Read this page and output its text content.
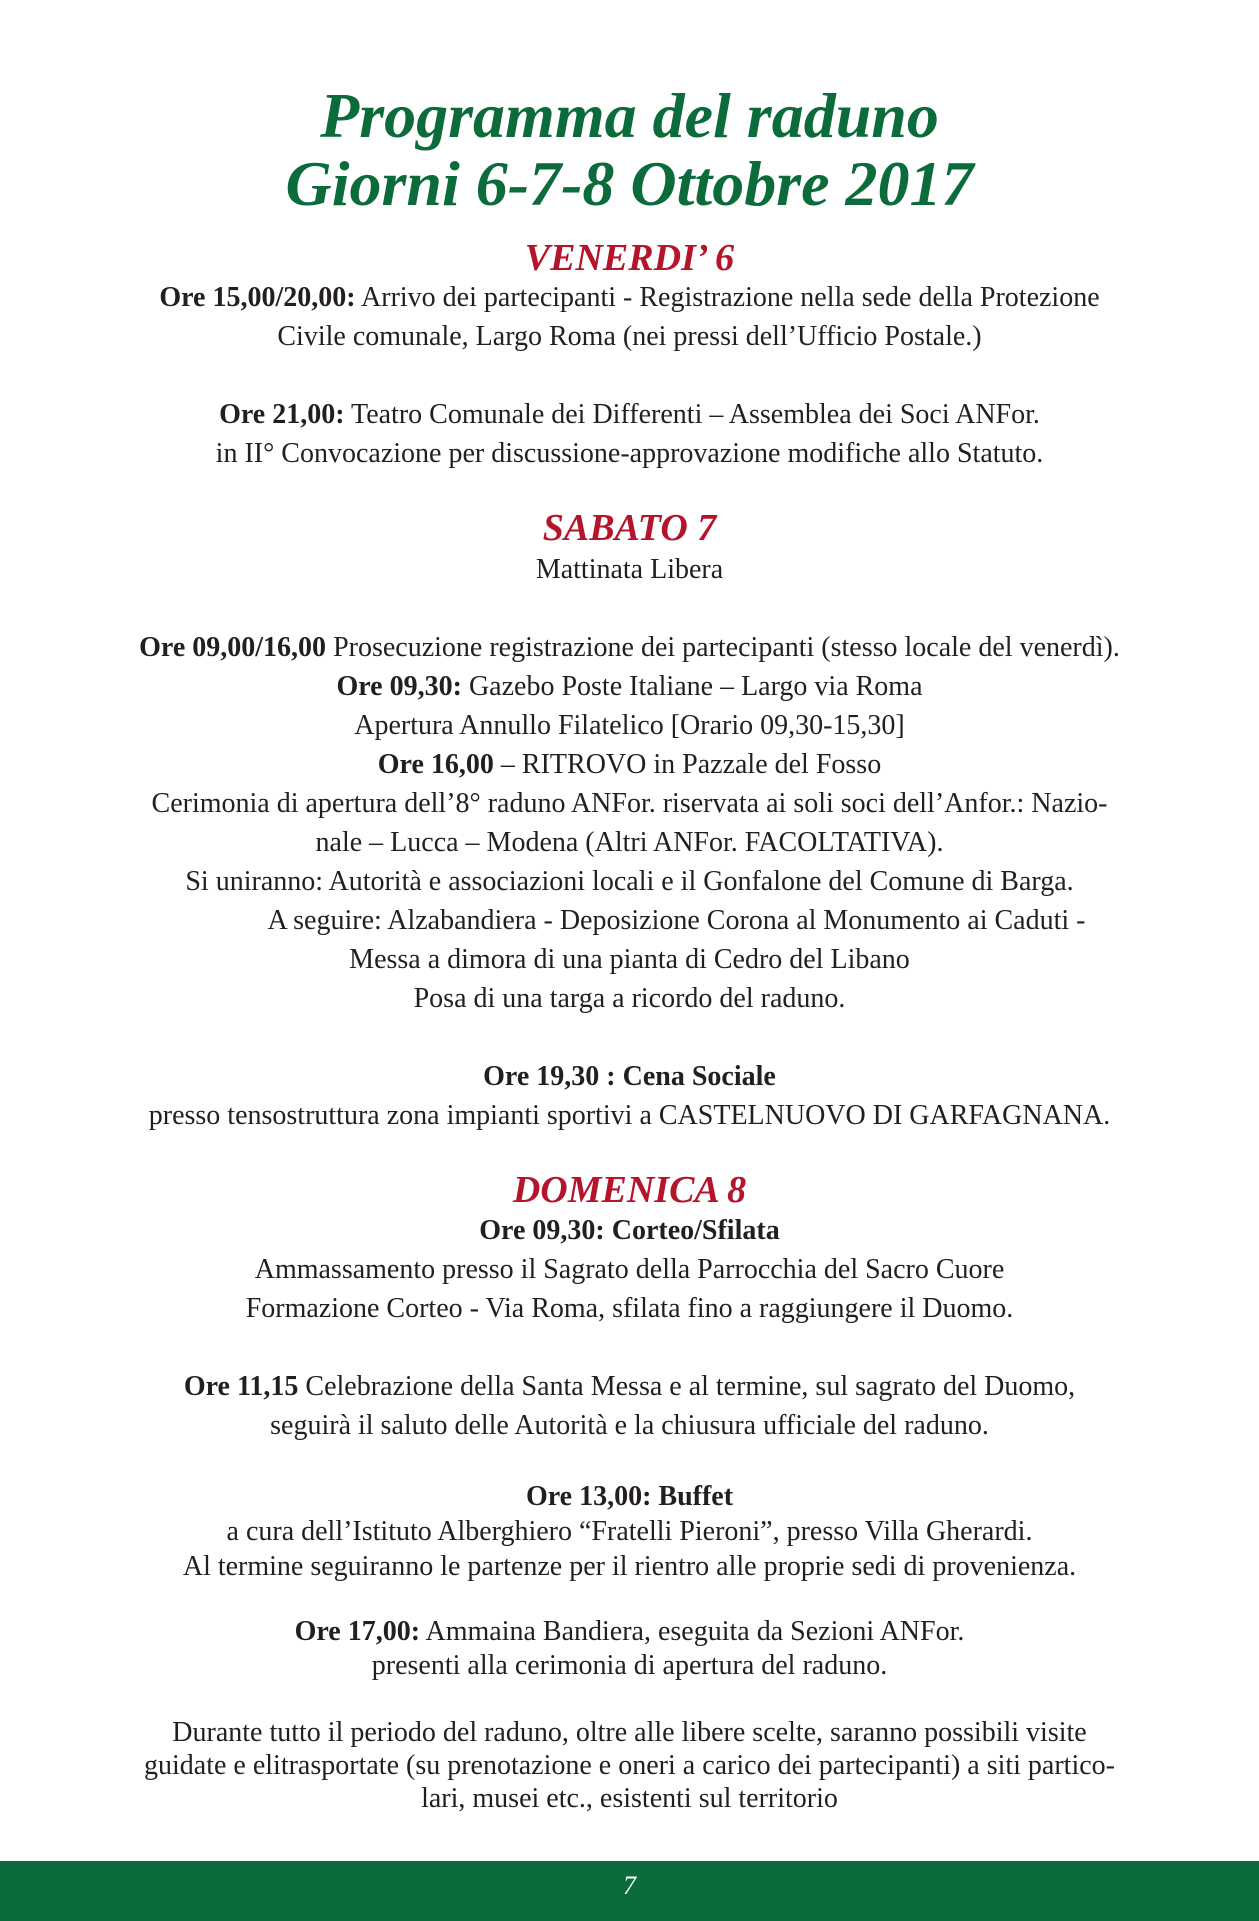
Programma del raduno
Giorni 6-7-8 Ottobre 2017
VENERDI’ 6
Ore 15,00/20,00: Arrivo dei partecipanti - Registrazione nella sede della Protezione
Civile comunale, Largo Roma (nei pressi dell’Ufficio Postale.)
Ore 21,00: Teatro Comunale dei Differenti – Assemblea dei Soci ANFor.
in II° Convocazione per discussione-approvazione modifiche allo Statuto.
SABATO 7
Mattinata Libera
Ore 09,00/16,00 Prosecuzione registrazione dei partecipanti (stesso locale del venerdì).
Ore 09,30: Gazebo Poste Italiane – Largo via Roma
Apertura Annullo Filatelico [Orario 09,30-15,30]
Ore 16,00 – RITROVO in Pazzale del Fosso
Cerimonia di apertura dell’8° raduno ANFor. riservata ai soli soci dell’Anfor.: Nazio-
nale – Lucca – Modena (Altri ANFor. FACOLTATIVA).
Si uniranno: Autorità e associazioni locali e il Gonfalone del Comune di Barga.
A seguire: Alzabandiera - Deposizione Corona al Monumento ai Caduti -
Messa a dimora di una pianta di Cedro del Libano
Posa di una targa a ricordo del raduno.
Ore 19,30 : Cena Sociale
presso tensostruttura zona impianti sportivi a CASTELNUOVO DI GARFAGNANA.
DOMENICA 8
Ore 09,30: Corteo/Sfilata
Ammassamento presso il Sagrato della Parrocchia del Sacro Cuore
Formazione Corteo - Via Roma, sfilata fino a raggiungere il Duomo.
Ore 11,15 Celebrazione della Santa Messa e al termine, sul sagrato del Duomo,
seguirà il saluto delle Autorità e la chiusura ufficiale del raduno.
Ore 13,00: Buffet
a cura dell’Istituto Alberghiero “Fratelli Pieroni”, presso Villa Gherardi.
Al termine seguiranno le partenze per il rientro alle proprie sedi di provenienza.
Ore 17,00: Ammaina Bandiera, eseguita da Sezioni ANFor.
presenti alla cerimonia di apertura del raduno.
Durante tutto il periodo del raduno, oltre alle libere scelte, saranno possibili visite
guidate e elitrasportate (su prenotazione e oneri a carico dei partecipanti) a siti partico-
lari, musei etc., esistenti sul territorio
7
